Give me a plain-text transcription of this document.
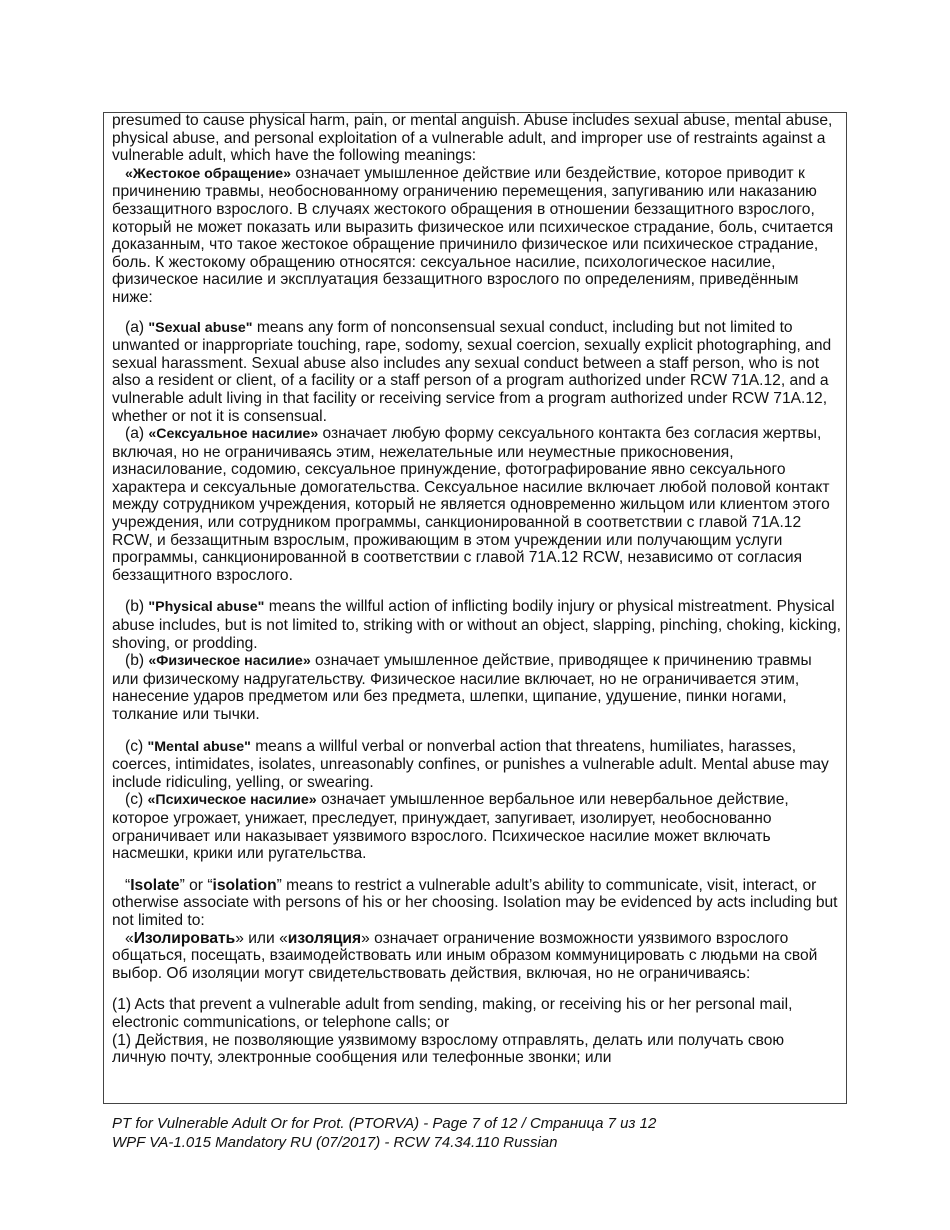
presumed to cause physical harm, pain, or mental anguish. Abuse includes sexual abuse, mental abuse, physical abuse, and personal exploitation of a vulnerable adult, and improper use of restraints against a vulnerable adult, which have the following meanings:

«Жестокое обращение» означает умышленное действие или бездействие, которое приводит к причинению травмы, необоснованному ограничению перемещения, запугиванию или наказанию беззащитного взрослого. В случаях жестокого обращения в отношении беззащитного взрослого, который не может показать или выразить физическое или психическое страдание, боль, считается доказанным, что такое жестокое обращение причинило физическое или психическое страдание, боль. К жестокому обращению относятся: сексуальное насилие, психологическое насилие, физическое насилие и эксплуатация беззащитного взрослого по определениям, приведённым ниже:

(a) "Sexual abuse" means any form of nonconsensual sexual conduct, including but not limited to unwanted or inappropriate touching, rape, sodomy, sexual coercion, sexually explicit photographing, and sexual harassment. Sexual abuse also includes any sexual conduct between a staff person, who is not also a resident or client, of a facility or a staff person of a program authorized under RCW 71A.12, and a vulnerable adult living in that facility or receiving service from a program authorized under RCW 71A.12, whether or not it is consensual.

(a) «Сексуальное насилие» означает любую форму сексуального контакта без согласия жертвы, включая, но не ограничиваясь этим, нежелательные или неуместные прикосновения, изнасилование, содомию, сексуальное принуждение, фотографирование явно сексуального характера и сексуальные домогательства. Сексуальное насилие включает любой половой контакт между сотрудником учреждения, который не является одновременно жильцом или клиентом этого учреждения, или сотрудником программы, санкционированной в соответствии с главой 71A.12 RCW, и беззащитным взрослым, проживающим в этом учреждении или получающим услуги программы, санкционированной в соответствии с главой 71A.12 RCW, независимо от согласия беззащитного взрослого.

(b) "Physical abuse" means the willful action of inflicting bodily injury or physical mistreatment. Physical abuse includes, but is not limited to, striking with or without an object, slapping, pinching, choking, kicking, shoving, or prodding.

(b) «Физическое насилие» означает умышленное действие, приводящее к причинению травмы или физическому надругательству. Физическое насилие включает, но не ограничивается этим, нанесение ударов предметом или без предмета, шлепки, щипание, удушение, пинки ногами, толкание или тычки.

(c) "Mental abuse" means a willful verbal or nonverbal action that threatens, humiliates, harasses, coerces, intimidates, isolates, unreasonably confines, or punishes a vulnerable adult. Mental abuse may include ridiculing, yelling, or swearing.

(c) «Психическое насилие» означает умышленное вербальное или невербальное действие, которое угрожает, унижает, преследует, принуждает, запугивает, изолирует, необоснованно ограничивает или наказывает уязвимого взрослого. Психическое насилие может включать насмешки, крики или ругательства.

“Isolate” or “isolation” means to restrict a vulnerable adult’s ability to communicate, visit, interact, or otherwise associate with persons of his or her choosing. Isolation may be evidenced by acts including but not limited to:

«Изолировать» или «изоляция» означает ограничение возможности уязвимого взрослого общаться, посещать, взаимодействовать или иным образом коммуницировать с людьми на свой выбор. Об изоляции могут свидетельствовать действия, включая, но не ограничиваясь:

(1) Acts that prevent a vulnerable adult from sending, making, or receiving his or her personal mail, electronic communications, or telephone calls; or

(1) Действия, не позволяющие уязвимому взрослому отправлять, делать или получать свою личную почту, электронные сообщения или телефонные звонки; или

PT for Vulnerable Adult Or for Prot. (PTORVA) - Page 7 of 12 / Страница 7 из 12
WPF VA-1.015 Mandatory RU (07/2017) - RCW 74.34.110 Russian
